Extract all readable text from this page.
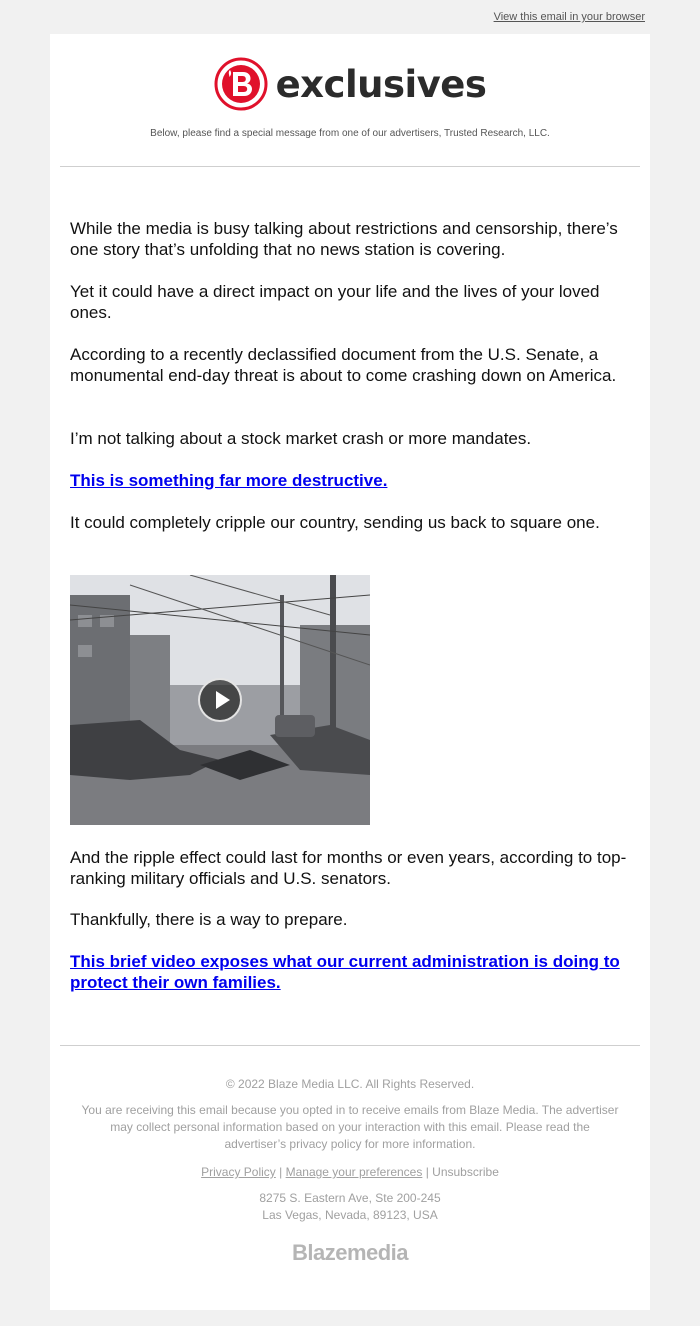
View this email in your browser
exclusives
Below, please find a special message from one of our advertisers, Trusted Research, LLC.

While the media is busy talking about restrictions and censorship, there’s one story that’s unfolding that no news station is covering.

Yet it could have a direct impact on your life and the lives of your loved ones.

According to a recently declassified document from the U.S. Senate, a monumental end-day threat is about to come crashing down on America.

I’m not talking about a stock market crash or more mandates.

This is something far more destructive.

It could completely cripple our country, sending us back to square one.

And the ripple effect could last for months or even years, according to top-ranking military officials and U.S. senators.

Thankfully, there is a way to prepare.

This brief video exposes what our current administration is doing to protect their own families.

© 2022 Blaze Media LLC. All Rights Reserved.
You are receiving this email because you opted in to receive emails from Blaze Media. The advertiser may collect personal information based on your interaction with this email. Please read the advertiser’s privacy policy for more information.
Privacy Policy | Manage your preferences | Unsubscribe
8275 S. Eastern Ave, Ste 200-245
Las Vegas, Nevada, 89123, USA
Blazemedia
